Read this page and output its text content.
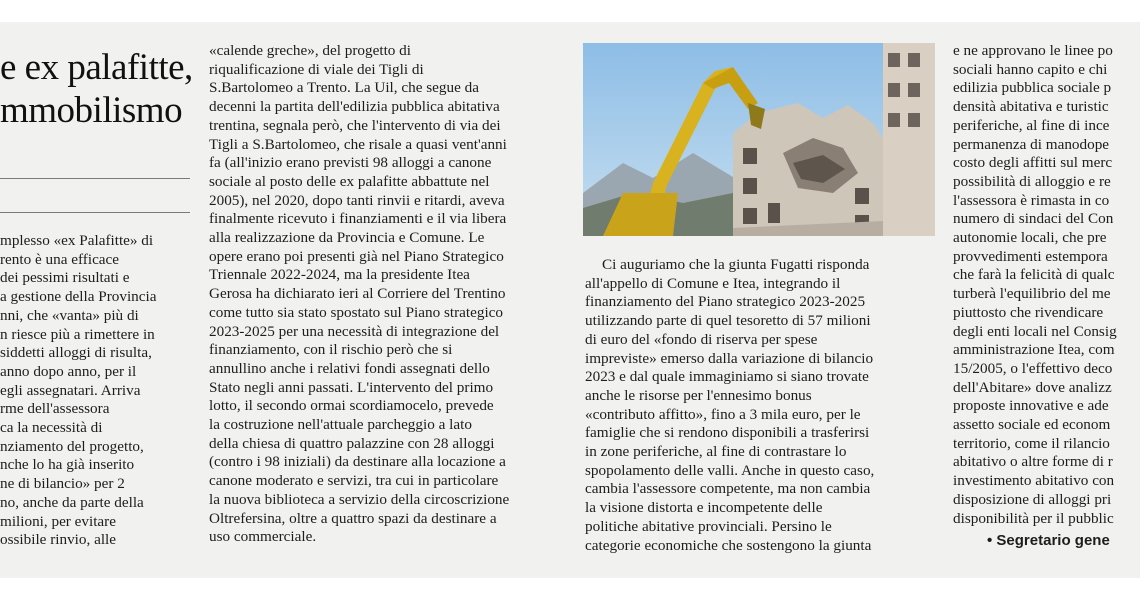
e ex palafitte,
mmobilismo
mplesso «ex Palafitte» di
rento è una efficace
dei pessimi risultati e
a gestione della Provincia
nni, che «vanta» più di
n riesce più a rimettere in
siddetti alloggi di risulta,
anno dopo anno, per il
egli assegnatari. Arriva
rme dell'assessora
ca la necessità di
nziamento del progetto,
nche lo ha già inserito
ne di bilancio» per 2
no, anche da parte della
milioni, per evitare
ossibile rinvio, alle
«calende greche», del progetto di
riqualificazione di viale dei Tigli di
S.Bartolomeo a Trento. La Uil, che segue da
decenni la partita dell'edilizia pubblica abitativa
trentina, segnala però, che l'intervento di via dei
Tigli a S.Bartolomeo, che risale a quasi vent'anni
fa (all'inizio erano previsti 98 alloggi a canone
sociale al posto delle ex palafitte abbattute nel
2005), nel 2020, dopo tanti rinvii e ritardi, aveva
finalmente ricevuto i finanziamenti e il via libera
alla realizzazione da Provincia e Comune. Le
opere erano poi presenti già nel Piano Strategico
Triennale 2022-2024, ma la presidente Itea
Gerosa ha dichiarato ieri al Corriere del Trentino
come tutto sia stato spostato sul Piano strategico
2023-2025 per una necessità di integrazione del
finanziamento, con il rischio però che si
annullino anche i relativi fondi assegnati dello
Stato negli anni passati. L'intervento del primo
lotto, il secondo ormai scordiamocelo, prevede
la costruzione nell'attuale parcheggio a lato
della chiesa di quattro palazzine con 28 alloggi
(contro i 98 iniziali) da destinare alla locazione a
canone moderato e servizi, tra cui in particolare
la nuova biblioteca a servizio della circoscrizione
Oltrefersina, oltre a quattro spazi da destinare a
uso commerciale.
Ci auguriamo che la giunta Fugatti risponda
all'appello di Comune e Itea, integrando il
finanziamento del Piano strategico 2023-2025
utilizzando parte di quel tesoretto di 57 milioni
di euro del «fondo di riserva per spese
impreviste» emerso dalla variazione di bilancio
2023 e dal quale immaginiamo si siano trovate
anche le risorse per l'ennesimo bonus
«contributo affitto», fino a 3 mila euro, per le
famiglie che si rendono disponibili a trasferirsi
in zone periferiche, al fine di contrastare lo
spopolamento delle valli. Anche in questo caso,
cambia l'assessore competente, ma non cambia
la visione distorta e incompetente delle
politiche abitative provinciali. Persino le
categorie economiche che sostengono la giunta
e ne approvano le linee po
sociali hanno capito e chi
edilizia pubblica sociale p
densità abitativa e turistic
periferiche, al fine di ince
permanenza di manodope
costo degli affitti sul merc
possibilità di alloggio e re
l'assessora è rimasta in co
numero di sindaci del Con
autonomie locali, che pre
provvedimenti estempora
che farà la felicità di qualc
turberà l'equilibrio del me
piuttosto che rivendicare
degli enti locali nel Consig
amministrazione Itea, com
15/2005, o l'effettivo deco
dell'Abitare» dove analizz
proposte innovative e ade
assetto sociale ed econom
territorio, come il rilancio
abitativo o altre forme di r
investimento abitativo con
disposizione di alloggi pri
disponibilità per il pubblic
• Segretario gene
